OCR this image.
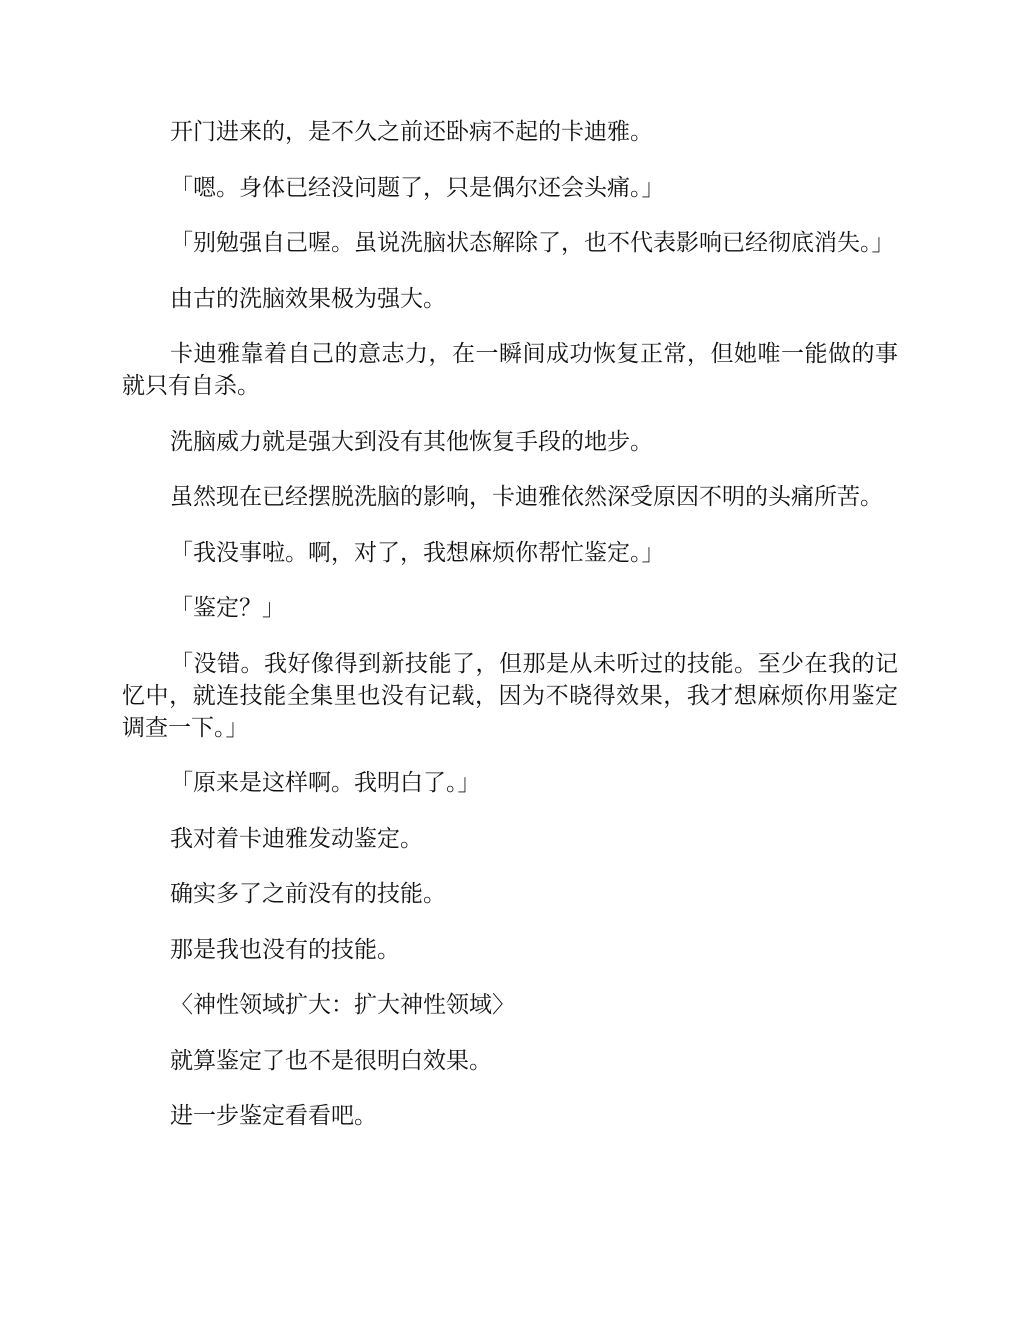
开门进来的，是不久之前还卧病不起的卡迪雅。

「嗯。身体已经没问题了，只是偶尔还会头痛。」

「别勉强自己喔。虽说洗脑状态解除了，也不代表影响已经彻底消失。」

由古的洗脑效果极为强大。

卡迪雅靠着自己的意志力，在一瞬间成功恢复正常，但她唯一能做的事就只有自杀。

洗脑威力就是强大到没有其他恢复手段的地步。

虽然现在已经摆脱洗脑的影响，卡迪雅依然深受原因不明的头痛所苦。

「我没事啦。啊，对了，我想麻烦你帮忙鉴定。」

「鉴定？」

「没错。我好像得到新技能了，但那是从未听过的技能。至少在我的记忆中，就连技能全集里也没有记载，因为不晓得效果，我才想麻烦你用鉴定调查一下。」

「原来是这样啊。我明白了。」

我对着卡迪雅发动鉴定。

确实多了之前没有的技能。

那是我也没有的技能。

〈神性领域扩大：扩大神性领域〉

就算鉴定了也不是很明白效果。

进一步鉴定看看吧。
